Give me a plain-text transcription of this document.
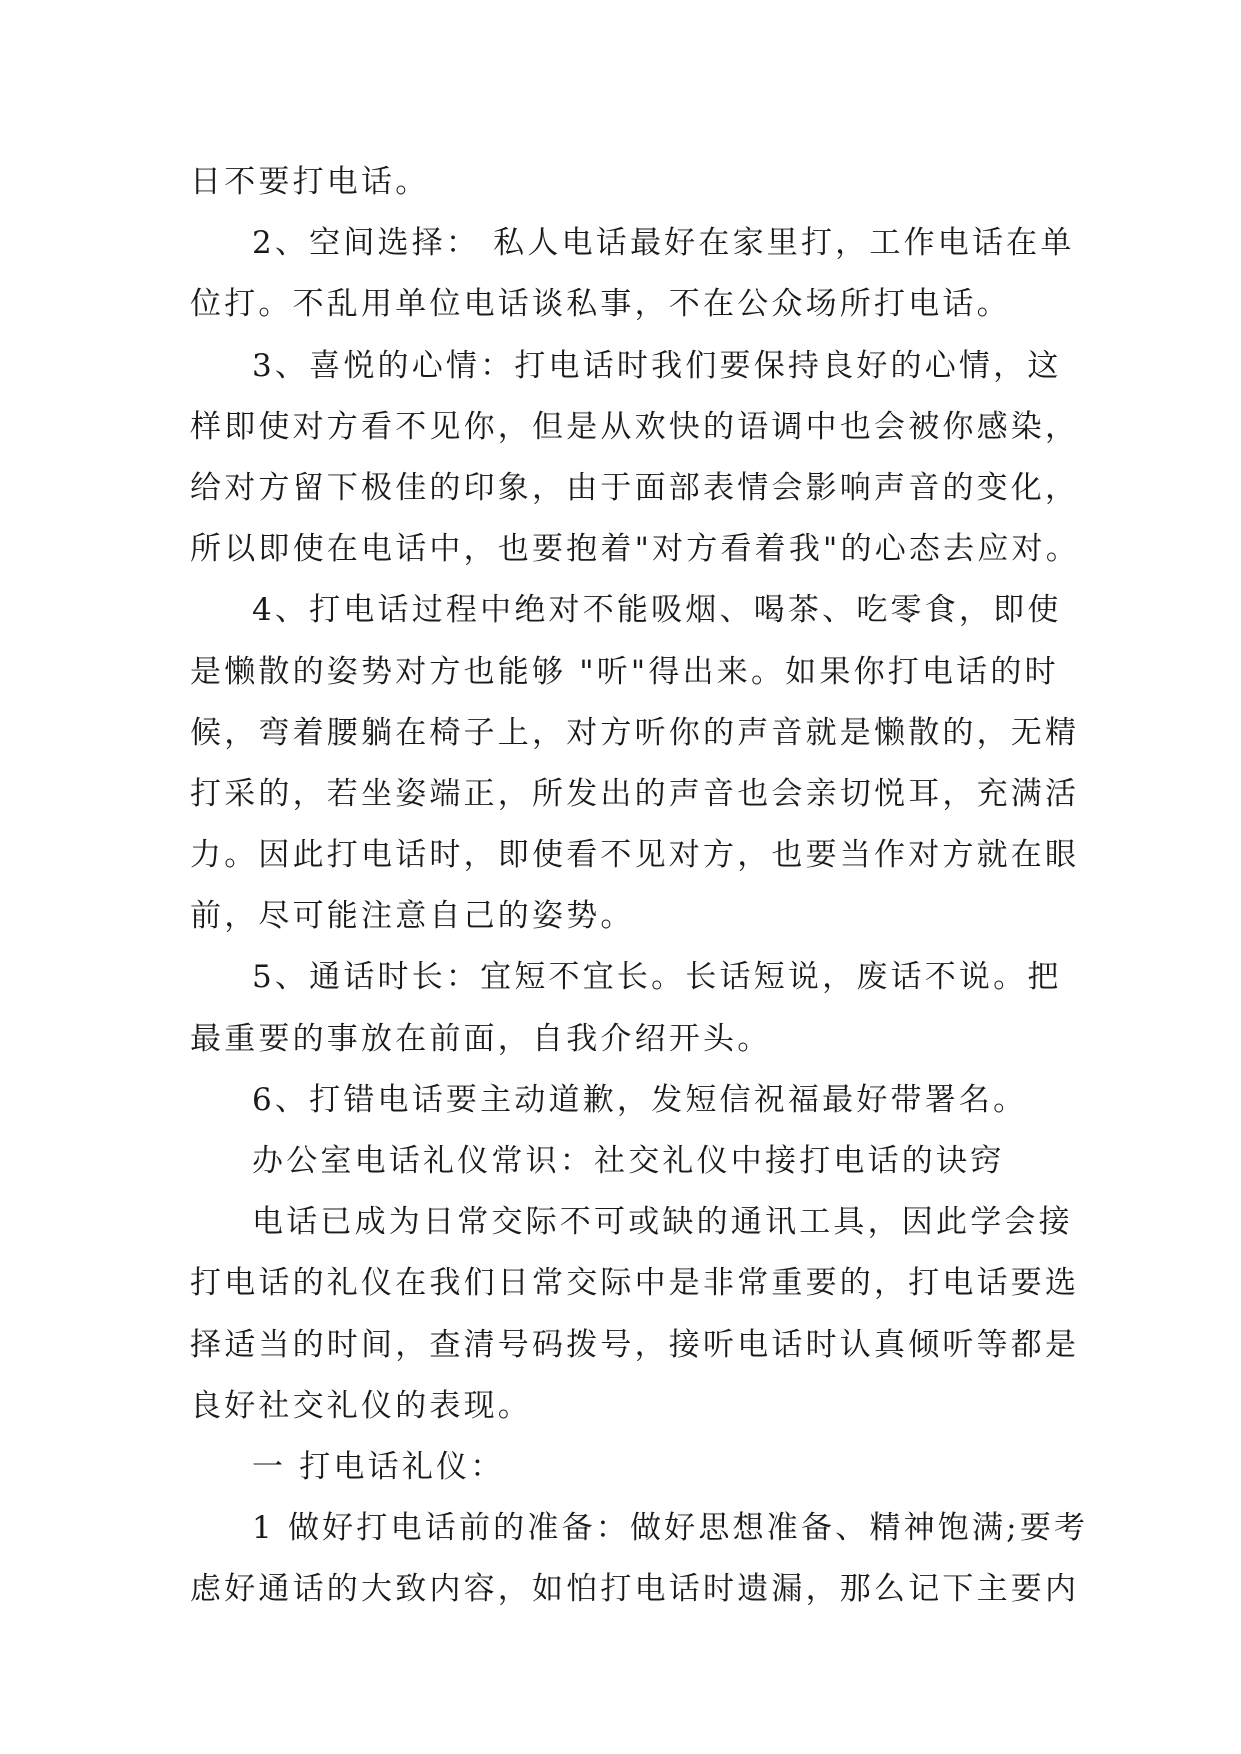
日不要打电话。

2、空间选择： 私人电话最好在家里打，工作电话在单

位打。不乱用单位电话谈私事，不在公众场所打电话。

3、喜悦的心情：打电话时我们要保持良好的心情，这

样即使对方看不见你，但是从欢快的语调中也会被你感染，

给对方留下极佳的印象，由于面部表情会影响声音的变化，

所以即使在电话中，也要抱着"对方看着我"的心态去应对。

4、打电话过程中绝对不能吸烟、喝茶、吃零食，即使

是懒散的姿势对方也能够 "听"得出来。如果你打电话的时

候，弯着腰躺在椅子上，对方听你的声音就是懒散的，无精

打采的，若坐姿端正，所发出的声音也会亲切悦耳，充满活

力。因此打电话时，即使看不见对方，也要当作对方就在眼

前，尽可能注意自己的姿势。

5、通话时长：宜短不宜长。长话短说，废话不说。把

最重要的事放在前面，自我介绍开头。

6、打错电话要主动道歉，发短信祝福最好带署名。

办公室电话礼仪常识：社交礼仪中接打电话的诀窍

电话已成为日常交际不可或缺的通讯工具，因此学会接

打电话的礼仪在我们日常交际中是非常重要的，打电话要选

择适当的时间，查清号码拨号，接听电话时认真倾听等都是

良好社交礼仪的表现。

一 打电话礼仪：

1 做好打电话前的准备：做好思想准备、精神饱满;要考

虑好通话的大致内容，如怕打电话时遗漏，那么记下主要内
